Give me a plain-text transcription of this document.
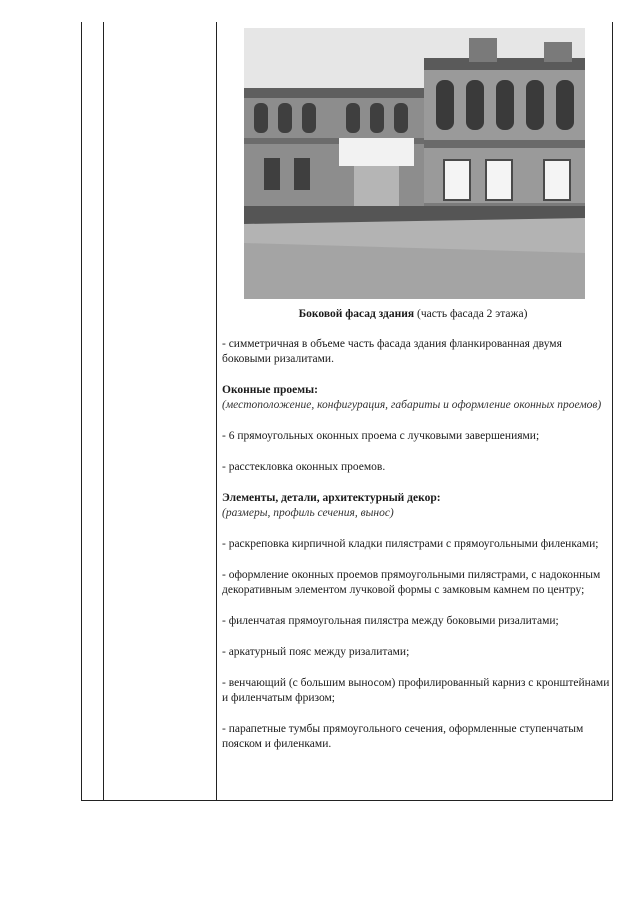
Боковой фасад здания (часть фасада 2 этажа)

- симметричная в объеме часть фасада здания фланкированная двумя боковыми ризалитами.

Оконные проемы:

(местоположение, конфигурация, габариты и оформление оконных проемов)

- 6 прямоугольных оконных проема с лучковыми завершениями;

- расстекловка оконных проемов.

Элементы, детали, архитектурный декор:

(размеры, профиль сечения, вынос)

- раскреповка кирпичной кладки пилястрами с прямоугольными филенками;

- оформление оконных проемов прямоугольными пилястрами, с надоконным декоративным элементом лучковой формы с замковым камнем по центру;

- филенчатая прямоугольная пилястра между боковыми ризалитами;

- аркатурный пояс между ризалитами;

- венчающий (с большим выносом) профилированный карниз с кронштейнами и филенчатым фризом;

- парапетные тумбы прямоугольного сечения, оформленные ступенчатым пояском и филенками.
